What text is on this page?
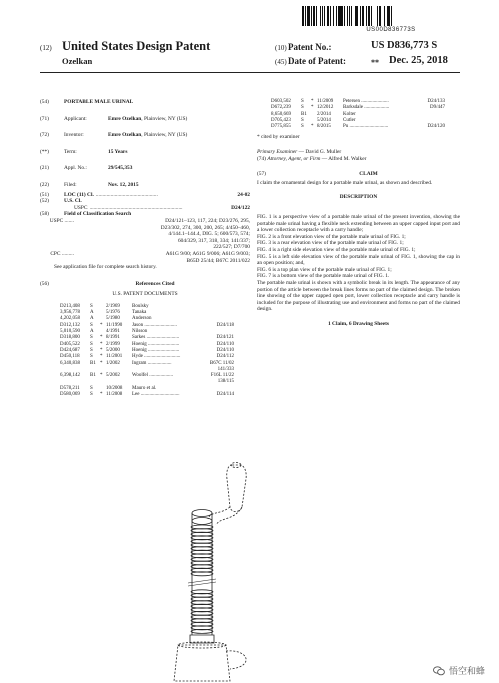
US00D836773S
(12) United States Design Patent
Ozelkan
(10) Patent No.:	US D836,773 S
(45) Date of Patent:	** Dec. 25, 2018
(54)	PORTABLE MALE URINAL
(71)	Applicant:	Emre Ozelkan, Plainview, NY (US)
(72)	Inventor:	Emre Ozelkan, Plainview, NY (US)
(**)	Term:	15 Years
(21)	Appl. No.:	29/545,353
(22)	Filed:	Nov. 12, 2015
(51)	LOC (11) Cl. ..............................................	24-02
(52)	U.S. Cl.
USPC .....................................................................	D24/122
(58)	Field of Classification Search
USPC .......	D24/121–123, 117, 224; D23/276, 295,
D23/302, 274, 300, 200, 265; 4/450–460,
4/144.1–144.4, DIG. 5; 600/573, 574;
604/329, 317, 318, 334; 141/337;
222/527; D7/700
CPC .........	A61G 9/00; A61G 9/006; A61G 9/003;
B65D 25/44; B67C 2011/022
See application file for complete search history.
(56)	References Cited
U.S. PATENT DOCUMENTS
D213,408	S		2/1969	Boulsky	
3,956,778	A		5/1976	Tanaka	
4,202,058	A		5/1980	Anderson	
D312,132	S	*	11/1990	Jason ..........................	D24/118
5,010,590	A		4/1991	Nilsson	
D318,800	S	*	8/1991	Sarkes ..........................	D24/121
D405,522	S	*	2/1999	Hoenig .........................	D24/110
D424,687	S	*	5/2000	Hoenig .........................	D24/110
D450,118	S	*	11/2001	Hyde .............................	D24/112
6,340,838	B1	*	1/2002	Ingram ...................	B67C 11/02
					141/333
6,398,142	B1	*	5/2002	Woolfel ...................	F16L 11/22
					138/115
D578,211	S		10/2008	Mauro et al.	
D580,069	S	*	11/2008	Lee ...............................	D24/114
D603,502	S	*	11/2009	Petersen ......................	D24/133
D672,239	S	*	12/2012	Barksdale ....................	D9/447
8,650,669	B1		2/2014	Kolter	
D705,423	S		5/2014	Cutler	
D775,855	S	*	8/2015	Pu ...............................	D24/120
* cited by examiner
Primary Examiner — David G. Muller
(74) Attorney, Agent, or Firm — Alfred M. Walker
(57)	CLAIM

I claim the ornamental design for a portable male urinal, as shown and described.

DESCRIPTION

FIG. 1 is a perspective view of a portable male urinal of the present invention, showing the portable male urinal having a flexible neck extending between an upper capped input port and a lower collection receptacle with a carry handle;

FIG. 2 is a front elevation view of the portable male urinal of FIG. 1;

FIG. 3 is a rear elevation view of the portable male urinal of FIG. 1;

FIG. 4 is a right side elevation view of the portable male urinal of FIG. 1;

FIG. 5 is a left side elevation view of the portable male urinal of FIG. 1, showing the cap in an open position; and,

FIG. 6 is a top plan view of the portable male urinal of FIG. 1;

FIG. 7 is a bottom view of the portable male urinal of FIG. 1.

The portable male urinal is shown with a symbolic break in its length. The appearance of any portion of the article between the break lines forms no part of the claimed design. The broken line showing of the upper capped open port, lower collection receptacle and carry handle is included for the purpose of illustrating use and environment and forms no part of the claimed design.

1 Claim, 6 Drawing Sheets
悟空和蜂
